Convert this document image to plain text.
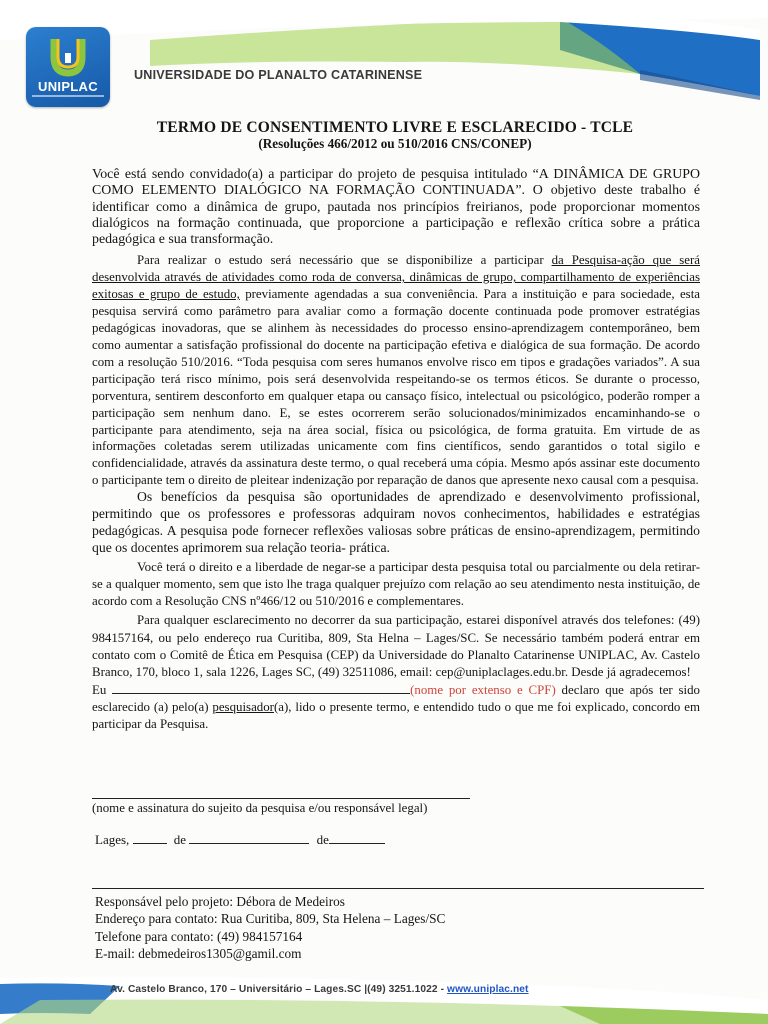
UNIPLAC
UNIVERSIDADE DO PLANALTO CATARINENSE
TERMO DE CONSENTIMENTO LIVRE E ESCLARECIDO - TCLE
(Resoluções 466/2012 ou 510/2016 CNS/CONEP)

Você está sendo convidado(a) a participar do projeto de pesquisa intitulado “A DINÂMICA DE GRUPO COMO ELEMENTO DIALÓGICO NA FORMAÇÃO CONTINUADA”. O objetivo deste trabalho é identificar como a dinâmica de grupo, pautada nos princípios freirianos, pode proporcionar momentos dialógicos na formação continuada, que proporcione a participação e reflexão crítica sobre a prática pedagógica e sua transformação.

Para realizar o estudo será necessário que se disponibilize a participar da Pesquisa-ação que será desenvolvida através de atividades como roda de conversa, dinâmicas de grupo, compartilhamento de experiências exitosas e grupo de estudo, previamente agendadas a sua conveniência. Para a instituição e para sociedade, esta pesquisa servirá como parâmetro para avaliar como a formação docente continuada pode promover estratégias pedagógicas inovadoras, que se alinhem às necessidades do processo ensino-aprendizagem contemporâneo, bem como aumentar a satisfação profissional do docente na participação efetiva e dialógica de sua formação. De acordo com a resolução 510/2016. “Toda pesquisa com seres humanos envolve risco em tipos e gradações variados”. A sua participação terá risco mínimo, pois será desenvolvida respeitando-se os termos éticos. Se durante o processo, porventura, sentirem desconforto em qualquer etapa ou cansaço físico, intelectual ou psicológico, poderão romper a participação sem nenhum dano. E, se estes ocorrerem serão solucionados/minimizados encaminhando-se o participante para atendimento, seja na área social, física ou psicológica, de forma gratuita. Em virtude de as informações coletadas serem utilizadas unicamente com fins científicos, sendo garantidos o total sigilo e confidencialidade, através da assinatura deste termo, o qual receberá uma cópia. Mesmo após assinar este documento o participante tem o direito de pleitear indenização por reparação de danos que apresente nexo causal com a pesquisa.

Os benefícios da pesquisa são oportunidades de aprendizado e desenvolvimento profissional, permitindo que os professores e professoras adquiram novos conhecimentos, habilidades e estratégias pedagógicas. A pesquisa pode fornecer reflexões valiosas sobre práticas de ensino-aprendizagem, permitindo que os docentes aprimorem sua relação teoria- prática.

Você terá o direito e a liberdade de negar-se a participar desta pesquisa total ou parcialmente ou dela retirar-se a qualquer momento, sem que isto lhe traga qualquer prejuízo com relação ao seu atendimento nesta instituição, de acordo com a Resolução CNS nº466/12 ou 510/2016 e complementares.

Para qualquer esclarecimento no decorrer da sua participação, estarei disponível através dos telefones: (49) 984157164, ou pelo endereço rua Curitiba, 809, Sta Helna – Lages/SC. Se necessário também poderá entrar em contato com o Comitê de Ética em Pesquisa (CEP) da Universidade do Planalto Catarinense UNIPLAC, Av. Castelo Branco, 170, bloco 1, sala 1226, Lages SC, (49) 32511086, email: cep@uniplaclages.edu.br. Desde já agradecemos!

Eu	(nome por extenso e CPF) declaro que após ter sido esclarecido (a) pelo(a) pesquisador(a), lido o presente termo, e entendido tudo o que me foi explicado, concordo em participar da Pesquisa.

(nome e assinatura do sujeito da pesquisa e/ou responsável legal)
Lages,	de	de
Responsável pelo projeto: Débora de Medeiros
Endereço para contato: Rua Curitiba, 809, Sta Helena – Lages/SC
Telefone para contato: (49) 984157164
E-mail: debmedeiros1305@gamil.com
Av. Castelo Branco, 170 – Universitário – Lages.SC |(49) 3251.1022 - www.uniplac.net
